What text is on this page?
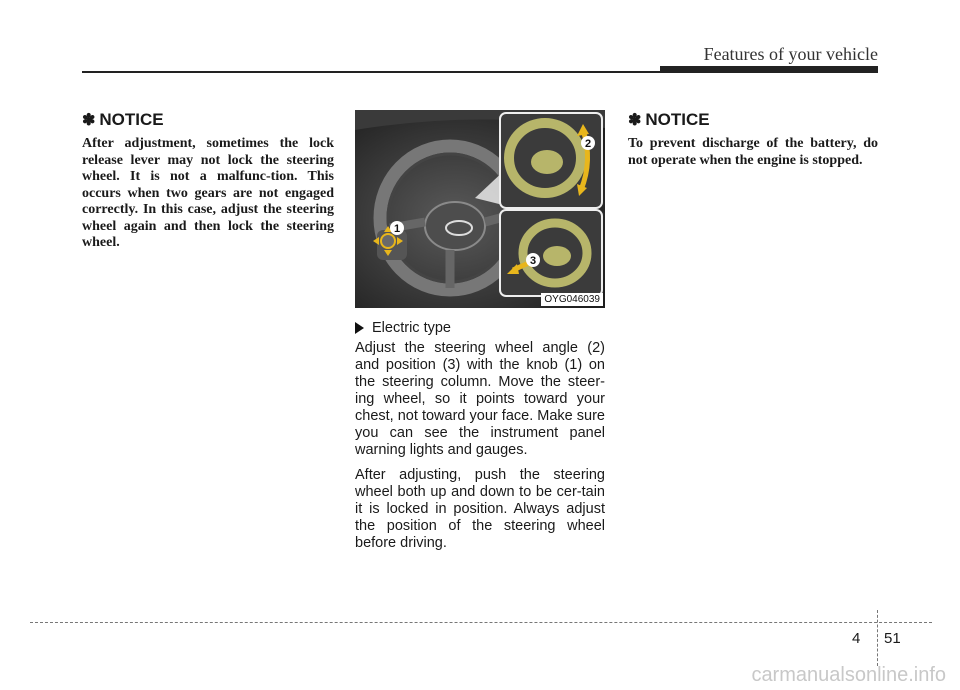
Features of your vehicle
✽ NOTICE

After adjustment, sometimes the lock release lever may not lock the steering wheel. It is not a malfunc-tion. This occurs when two gears are not engaged correctly. In this case, adjust the steering wheel again and then lock the steering wheel.

1
2
3
OYG046039
Electric type

Adjust the steering wheel angle (2) and position (3) with the knob (1) on the steering column. Move the steer-ing wheel, so it points toward your chest, not toward your face. Make sure you can see the instrument panel warning lights and gauges.

After adjusting, push the steering wheel both up and down to be cer-tain it is locked in position. Always adjust the position of the steering wheel before driving.

✽ NOTICE

To prevent discharge of the battery, do not operate when the engine is stopped.

4 51
carmanualsonline.info
